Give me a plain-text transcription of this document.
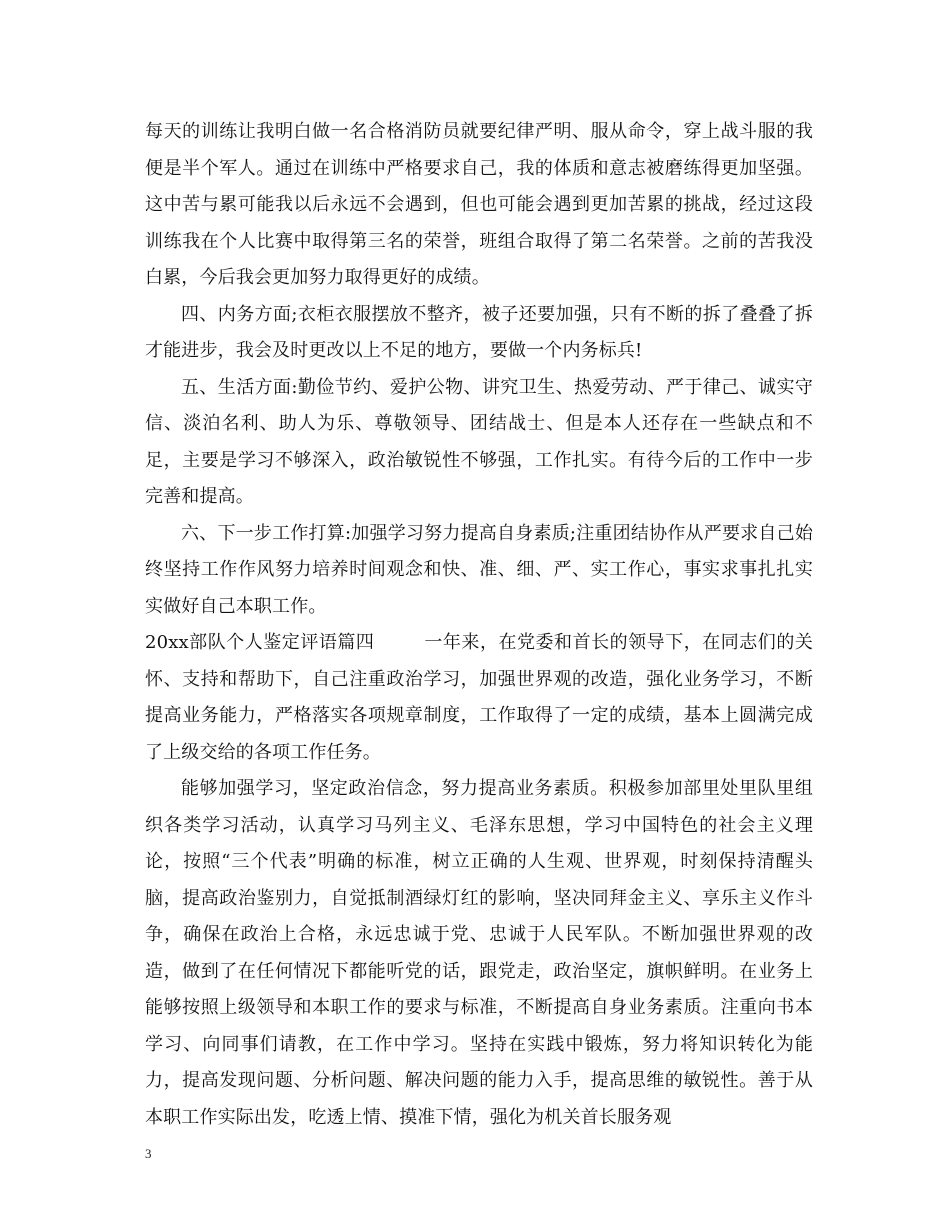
每天的训练让我明白做一名合格消防员就要纪律严明、服从命令，穿上战斗服的我便是半个军人。通过在训练中严格要求自己，我的体质和意志被磨练得更加坚强。这中苦与累可能我以后永远不会遇到，但也可能会遇到更加苦累的挑战，经过这段训练我在个人比赛中取得第三名的荣誉，班组合取得了第二名荣誉。之前的苦我没白累，今后我会更加努力取得更好的成绩。

四、内务方面;衣柜衣服摆放不整齐，被子还要加强，只有不断的拆了叠叠了拆才能进步，我会及时更改以上不足的地方，要做一个内务标兵!

五、生活方面:勤俭节约、爱护公物、讲究卫生、热爱劳动、严于律己、诚实守信、淡泊名利、助人为乐、尊敬领导、团结战士、但是本人还存在一些缺点和不足，主要是学习不够深入，政治敏锐性不够强，工作扎实。有待今后的工作中一步完善和提高。

六、下一步工作打算:加强学习努力提高自身素质;注重团结协作从严要求自己始终坚持工作作风努力培养时间观念和快、准、细、严、实工作心，事实求事扎扎实实做好自己本职工作。

20xx部队个人鉴定评语篇四	一年来，在党委和首长的领导下，在同志们的关怀、支持和帮助下，自己注重政治学习，加强世界观的改造，强化业务学习，不断提高业务能力，严格落实各项规章制度，工作取得了一定的成绩，基本上圆满完成了上级交给的各项工作任务。

能够加强学习，坚定政治信念，努力提高业务素质。积极参加部里处里队里组织各类学习活动，认真学习马列主义、毛泽东思想，学习中国特色的社会主义理论，按照“三个代表”明确的标准，树立正确的人生观、世界观，时刻保持清醒头脑，提高政治鉴别力，自觉抵制酒绿灯红的影响，坚决同拜金主义、享乐主义作斗争，确保在政治上合格，永远忠诚于党、忠诚于人民军队。不断加强世界观的改造，做到了在任何情况下都能听党的话，跟党走，政治坚定，旗帜鲜明。在业务上能够按照上级领导和本职工作的要求与标准，不断提高自身业务素质。注重向书本学习、向同事们请教，在工作中学习。坚持在实践中锻炼，努力将知识转化为能力，提高发现问题、分析问题、解决问题的能力入手，提高思维的敏锐性。善于从本职工作实际出发，吃透上情、摸准下情，强化为机关首长服务观

3
